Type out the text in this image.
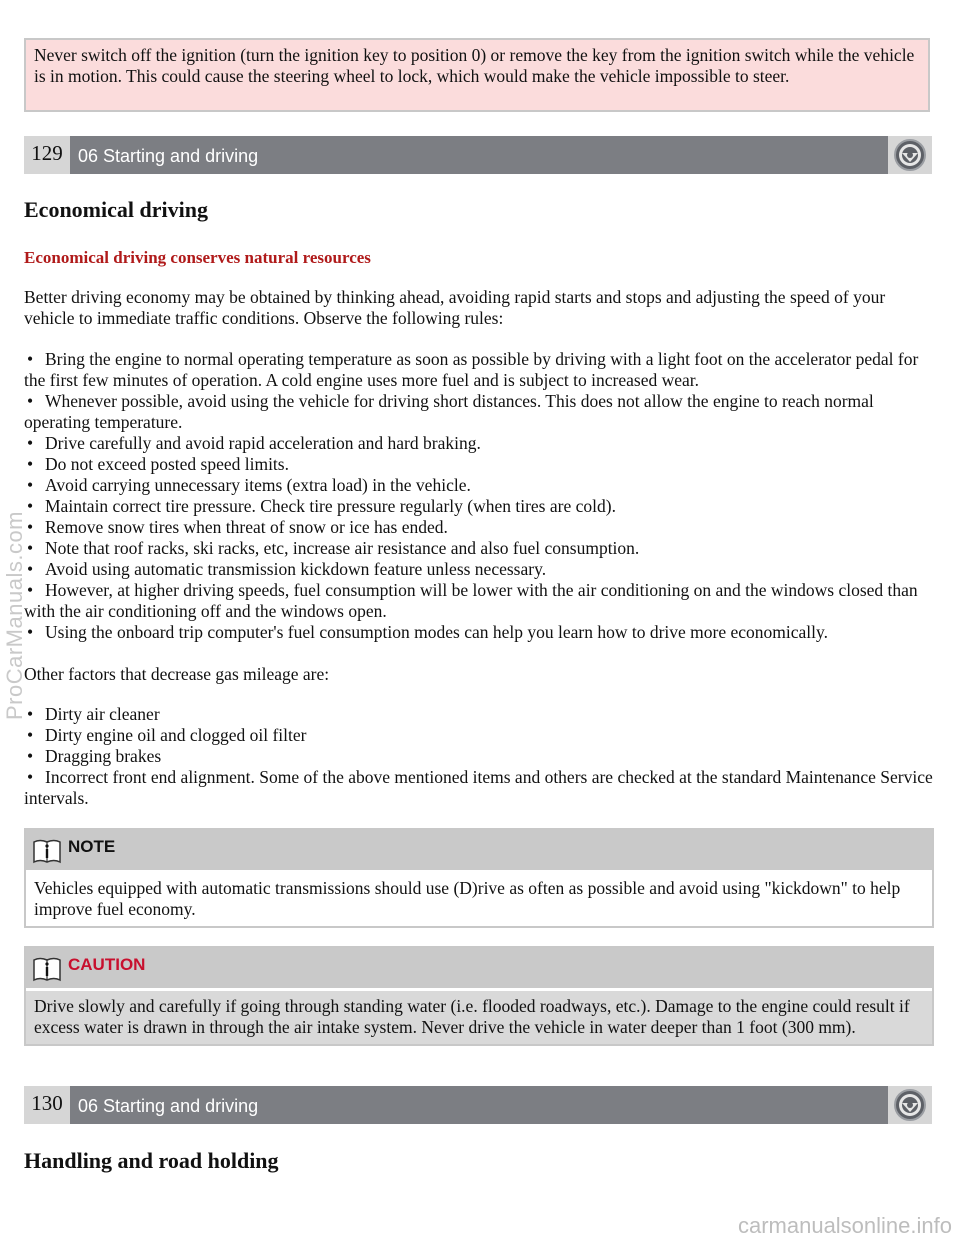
Never switch off the ignition (turn the ignition key to position 0) or remove the key from the ignition switch while the vehicle is in motion. This could cause the steering wheel to lock, which would make the vehicle impossible to steer.
129 06 Starting and driving
Economical driving
Economical driving conserves natural resources

Better driving economy may be obtained by thinking ahead, avoiding rapid starts and stops and adjusting the speed of your vehicle to immediate traffic conditions. Observe the following rules:

• Bring the engine to normal operating temperature as soon as possible by driving with a light foot on the accelerator pedal for the first few minutes of operation. A cold engine uses more fuel and is subject to increased wear.
• Whenever possible, avoid using the vehicle for driving short distances. This does not allow the engine to reach normal operating temperature.
• Drive carefully and avoid rapid acceleration and hard braking.
• Do not exceed posted speed limits.
• Avoid carrying unnecessary items (extra load) in the vehicle.
• Maintain correct tire pressure. Check tire pressure regularly (when tires are cold).
• Remove snow tires when threat of snow or ice has ended.
• Note that roof racks, ski racks, etc, increase air resistance and also fuel consumption.
• Avoid using automatic transmission kickdown feature unless necessary.
• However, at higher driving speeds, fuel consumption will be lower with the air conditioning on and the windows closed than with the air conditioning off and the windows open.
• Using the onboard trip computer's fuel consumption modes can help you learn how to drive more economically.

Other factors that decrease gas mileage are:

• Dirty air cleaner
• Dirty engine oil and clogged oil filter
• Dragging brakes
• Incorrect front end alignment. Some of the above mentioned items and others are checked at the standard Maintenance Service intervals.
NOTE
Vehicles equipped with automatic transmissions should use (D)rive as often as possible and avoid using "kickdown" to help improve fuel economy.
CAUTION
Drive slowly and carefully if going through standing water (i.e. flooded roadways, etc.). Damage to the engine could result if excess water is drawn in through the air intake system. Never drive the vehicle in water deeper than 1 foot (300 mm).
130 06 Starting and driving
Handling and road holding
ProCarManuals.com
carmanualsonline.info
